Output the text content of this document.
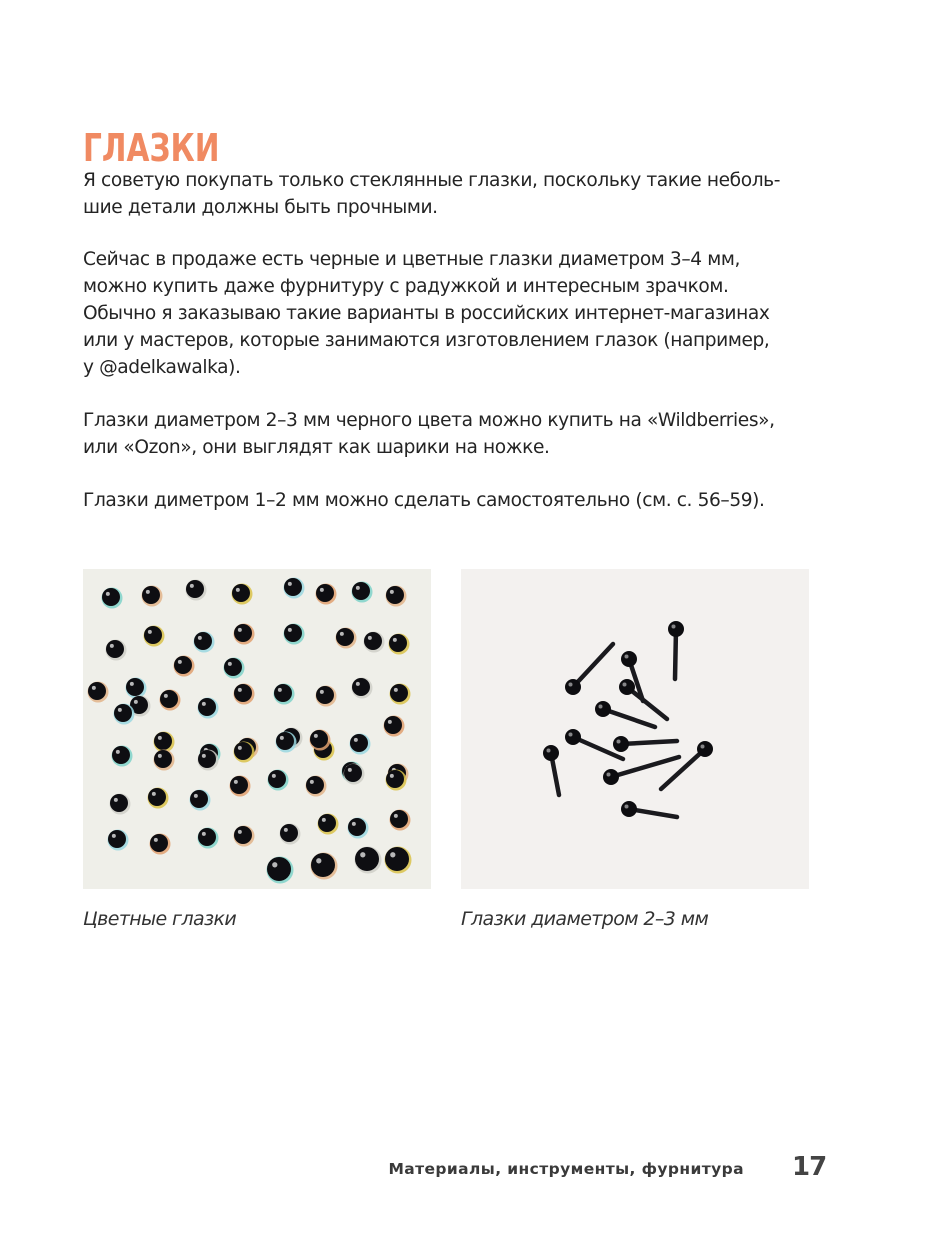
ГЛАЗКИ

Я советую покупать только стеклянные глазки, поскольку такие неболь-
шие детали должны быть прочными.

Сейчас в продаже есть черные и цветные глазки диаметром 3–4 мм,
можно купить даже фурнитуру с радужкой и интересным зрачком.
Обычно я заказываю такие варианты в российских интернет-магазинах
или у мастеров, которые занимаются изготовлением глазок (например,
у @adelkawalka).

Глазки диаметром 2–3 мм черного цвета можно купить на «Wildberries»,
или «Ozon», они выглядят как шарики на ножке.

Глазки диметром 1–2 мм можно сделать самостоятельно (см. с. 56–59).

Цветные глазки	Глазки диаметром 2–3 мм
Материалы, инструменты, фурнитура 17
